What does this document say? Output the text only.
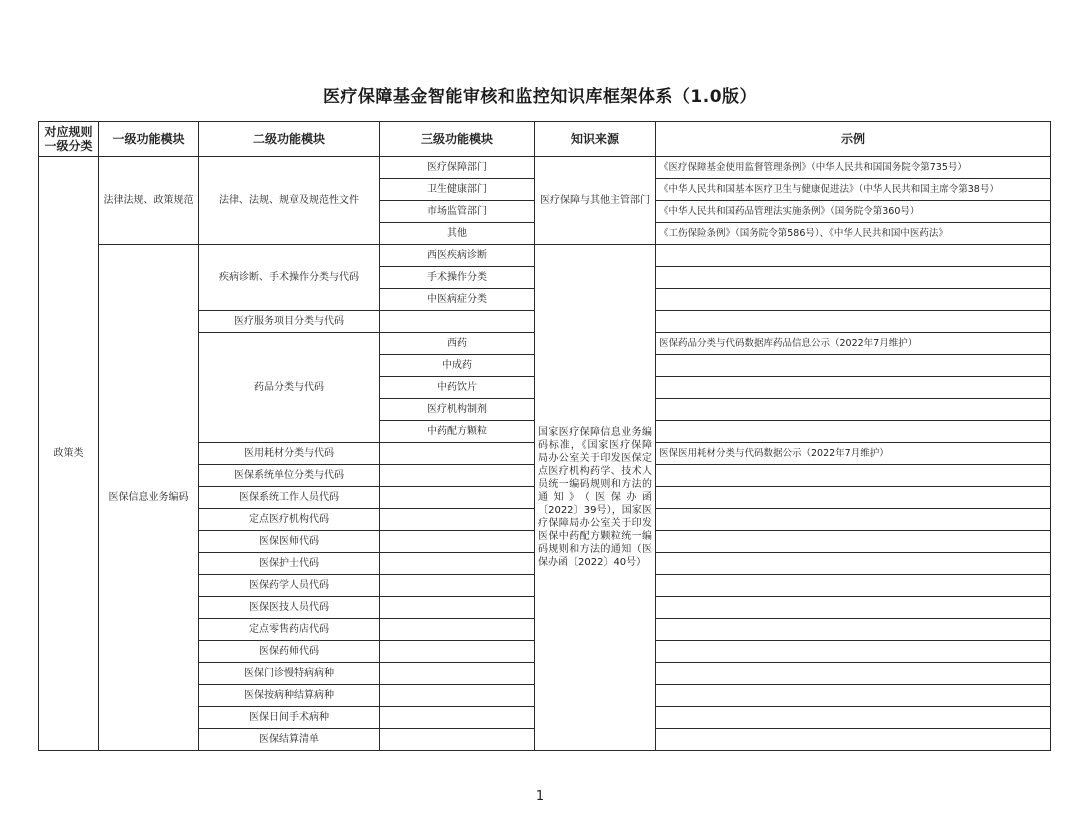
医疗保障基金智能审核和监控知识库框架体系（1.0版）
对应规则一级分类	一级功能模块	二级功能模块	三级功能模块	知识来源	示例
政策类	法律法规、政策规范	法律、法规、规章及规范性文件	医疗保障部门	医疗保障与其他主管部门	《医疗保障基金使用监督管理条例》（中华人民共和国国务院令第735号）
			卫生健康部门		《中华人民共和国基本医疗卫生与健康促进法》（中华人民共和国主席令第38号）
			市场监管部门		《中华人民共和国药品管理法实施条例》（国务院令第360号）
			其他		《工伤保险条例》（国务院令第586号）、《中华人民共和国中医药法》
	医保信息业务编码	疾病诊断、手术操作分类与代码	西医疾病诊断	国家医疗保障信息业务编码标准，《国家医疗保障局办公室关于印发医保定点医疗机构药学、技术人员统一编码规则和方法的通知》（医保办函〔2022〕39号），国家医疗保障局办公室关于印发医保中药配方颗粒统一编码规则和方法的通知（医保办函〔2022〕40号）	
			手术操作分类		
			中医病症分类		
		医疗服务项目分类与代码			
		药品分类与代码	西药		医保药品分类与代码数据库药品信息公示（2022年7月维护）
			中成药		
			中药饮片		
			医疗机构制剂		
			中药配方颗粒		
		医用耗材分类与代码			医保医用耗材分类与代码数据公示（2022年7月维护）
		医保系统单位分类与代码			
		医保系统工作人员代码			
		定点医疗机构代码			
		医保医师代码			
		医保护士代码			
		医保药学人员代码			
		医保医技人员代码			
		定点零售药店代码			
		医保药师代码			
		医保门诊慢特病病种			
		医保按病种结算病种			
		医保日间手术病种			
		医保结算清单			
1
